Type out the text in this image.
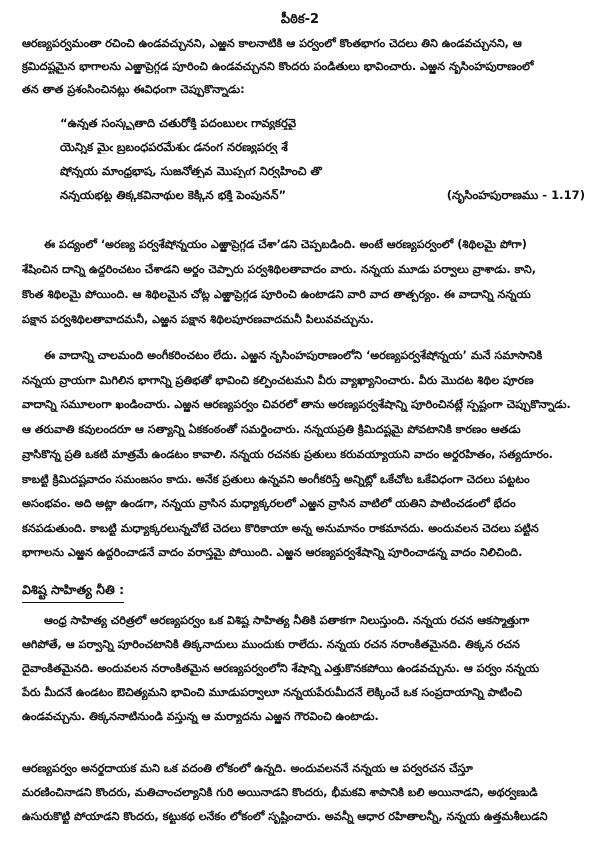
పీఠిక-2
ఆరణ్యపర్వమంతా రచించి ఉండవచ్చునని, ఎఱ్ఱన కాలనాటికి ఆ పర్వంలో కొంతభాగం చెదలు తిని ఉండవచ్చునని, ఆ
క్రమిదష్టమైన భాగాలను ఎఱ్ఱాప్రెగ్గడ పూరించి ఉండవచ్చునని కొందరు పండితులు భావించారు. ఎఱ్ఱన నృసింహపురాణంలో
తన తాత ప్రశంసించినట్లు ఈవిధంగా చెప్పుకొన్నాడు:
“ఉన్నత సంస్కృతాది చతురోక్తి పదంబులఁ గావ్యకర్తవై
యెన్నిక మైఁ బ్రబంధపరమేశుఁ డనంగ నరణ్యపర్వ శే
షోన్నయ మాంధ్రభాష, సుజనోత్సవ మొప్పఁగ నిర్వహించి తొ
నన్నయభట్ట తిక్కకవినాథుల కెక్కిన భక్తి పెంపునన్”	(నృసింహపురాణము - 1.17)
ఈ పద్యంలో ‘అరణ్య పర్వశేషోన్నయం ఎఱ్ఱాప్రెగ్గడ చేశా’డని చెప్పబడింది. అంటే ఆరణ్యపర్వంలో (శిథిలమై పోగా)
శేషించిన దాన్ని ఉద్ధరించటం చేశాడని అర్థం చెప్పారు పర్వశిథిలతావాదం వారు. నన్నయ మూడు పర్వాలు వ్రాశాడు. కాని,
కొంత శిథిలమై పోయింది. ఆ శిథిలమైన చోట్ల ఎఱ్ఱాప్రెగ్గడ పూరించి ఉంటాడని వారి వాద తాత్పర్యం. ఈ వాదాన్ని నన్నయ
పక్షాన పర్వశిథిలతావాదమనీ, ఎఱ్ఱన పక్షాన శిథిలపూరణవాదమనీ పిలువవచ్చును.
ఈ వాదాన్ని చాలమంది అంగీకరించటం లేదు. ఎఱ్ఱన నృసింహపురాణంలోని ‘అరణ్యపర్వశేషోన్నయ’ మనే సమాసానికి
నన్నయ వ్రాయగా మిగిలిన భాగాన్ని ప్రతిభతో భావించి కల్పించటమని వీరు వ్యాఖ్యానించారు. వీరు మొదట శిథిల పూరణ
వాదాన్ని సమూలంగా ఖండించారు. ఎఱ్ఱన ఆరణ్యపర్వం చివరలో తాను అరణ్యపర్వశేషాన్ని పూరించినట్లే స్పష్టంగా చెప్పుకొన్నాడు.
ఆ తరువాతి కవులందరూ ఆ సత్యాన్ని ఏకకంఠంతో సమర్థించారు. నన్నయప్రతి క్రిమిదష్టమై పోవటానికి కారణం ఆతడు
వ్రాసికొన్న ప్రతి ఒకటి మాత్రమే ఉండటం కావాలి. నన్నయ రచనకు ప్రతులు కరువయ్యాయని వాదం అర్థరహితం, సత్యదూరం.
కాబట్టి క్రిమిదష్టవాదం సమంజసం కాదు. అనేక ప్రతులు ఉన్నవని అంగీకరిస్తే అన్నిట్లో ఒకేచోట ఒకేవిధంగా చెదలు పట్టటం
అసంభవం. అది అట్లా ఉండగా, నన్నయ వ్రాసిన మధ్యాక్కరలలో ఎఱ్ఱన వ్రాసిన వాటిలో యతిని పాటించడంలో భేదం
కనపడుతుంది. కాబట్టి మధ్యాక్కరలున్నచోటే చెదలు కొరికాయా అన్న అనుమానం రాకమానదు. అందువలన చెదలు పట్టిన
భాగాలను ఎఱ్ఱన ఉద్ధరించాడనే వాదం వరాస్తమై పోయింది. ఎఱ్ఱన ఆరణ్యపర్వశేషాన్ని పూరించాడన్న వాదం నిలిచింది.
విశిష్ట సాహిత్య నీతి :
ఆంధ్ర సాహిత్య చరిత్రలో ఆరణ్యపర్వం ఒక విశిష్ట సాహిత్య నీతికి పతాకగా నిలుస్తుంది. నన్నయ రచన ఆకస్మాత్తుగా
ఆగిపోతే, ఆ పర్వాన్ని పూరించటానికి తిక్కనాదులు ముందుకు రాలేదు. నన్నయ రచన నరాంకితమైనది. తిక్కన రచన
దైవాంకితమైనది. అందువలన నరాంకితమైన ఆరణ్యపర్వంలోని శేషాన్ని ఎత్తుకొనకపోయి ఉండవచ్చును. ఆ పర్వం నన్నయ
పేరు మీదనే ఉండటం ఔచిత్యమని భావించి మూడుపర్వాలూ నన్నయపేరుమీదనే లెక్కించే ఒక సంప్రదాయాన్ని పాటించి
ఉండవచ్చును. తిక్కననాటినుండి వస్తున్న ఆ మర్యాదను ఎఱ్ఱన గౌరవించి ఉంటాడు.
ఆరణ్యపర్వం అనర్థదాయక మని ఒక వదంతి లోకంలో ఉన్నది. అందువలననే నన్నయ ఆ పర్వరచన చేస్తూ
మరణించినాడని కొందరు, మతిచాంచల్యానికి గురి అయినాడని కొందరు, భీమకవి శాపానికి బలి అయినాడని, అథర్వణుడి
ఉసురుకొట్టి పోయాడని కొందరు, కట్టుకథ లనేకం లోకంలో సృష్టించారు. అవన్నీ ఆధార రహితాలన్నీ, నన్నయ ఉత్తమశీలుడని
